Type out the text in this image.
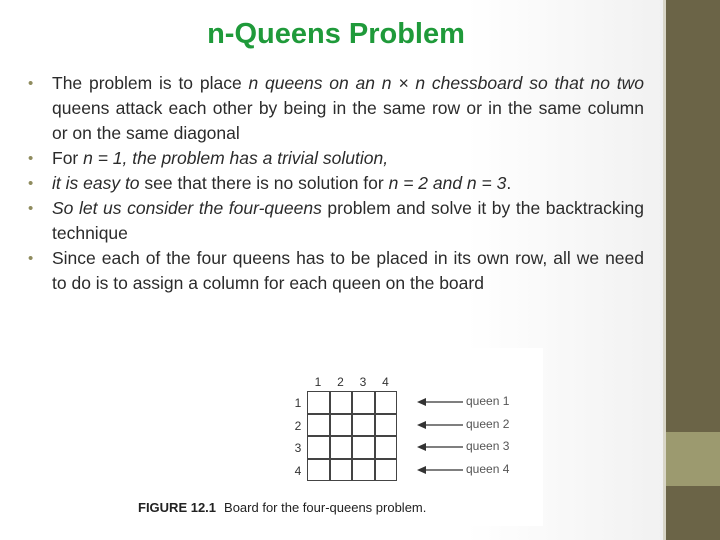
n-Queens Problem
• The problem is to place n queens on an n × n chessboard so that no two queens attack each other by being in the same row or in the same column or on the same diagonal
• For n = 1, the problem has a trivial solution,
• it is easy to see that there is no solution for n = 2 and n = 3.
• So let us consider the four-queens problem and solve it by the backtracking technique
• Since each of the four queens has to be placed in its own row, all we need to do is to assign a column for each queen on the board
1	2	3	4
1
2
3
4
queen 1
queen 2
queen 3
queen 4
FIGURE 12.1 Board for the four-queens problem.
